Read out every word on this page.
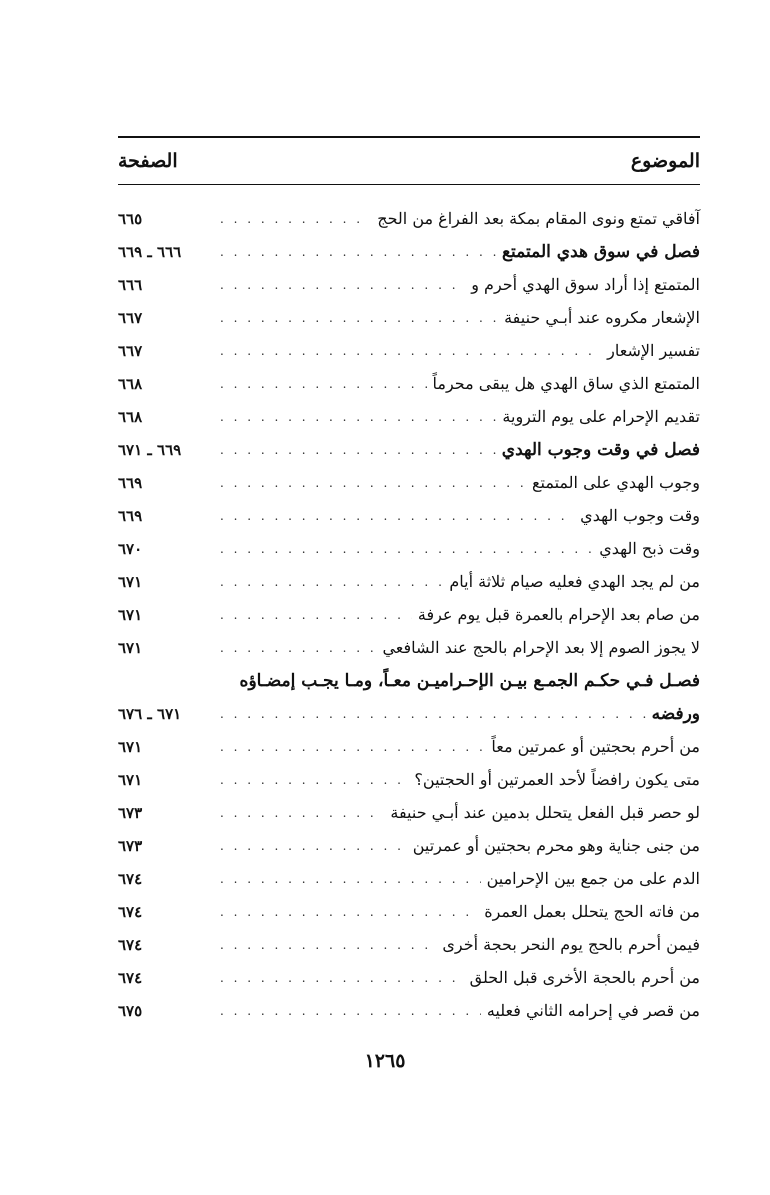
الموضوع
الصفحة
آفاقي تمتع ونوى المقام بمكة بعد الفراغ من الحج
. . .
٦٦٥
فصل في سوق هدي المتمتع
. . .
٦٦٦ ـ ٦٦٩
المتمتع إذا أراد سوق الهدي أحرم و
. . .
٦٦٦
الإشعار مكروه عند أبـي حنيفة
. . .
٦٦٧
تفسير الإشعار
. . .
٦٦٧
المتمتع الذي ساق الهدي هل يبقى محرماً
. . .
٦٦٨
تقديم الإحرام على يوم التروية
. . .
٦٦٨
فصل في وقت وجوب الهدي
. . .
٦٦٩ ـ ٦٧١
وجوب الهدي على المتمتع
. . .
٦٦٩
وقت وجوب الهدي
. . .
٦٦٩
وقت ذبح الهدي
. . .
٦٧٠
من لم يجد الهدي فعليه صيام ثلاثة أيام
. . .
٦٧١
من صام بعد الإحرام بالعمرة قبل يوم عرفة
. . .
٦٧١
لا يجوز الصوم إلا بعد الإحرام بالحج عند الشافعي
. . .
٦٧١
فصـل فـي حكـم الجمـع بيـن الإحـراميـن معـاً، ومـا يجـب إمضـاؤه
ورفضه
. . .
٦٧١ ـ ٦٧٦
من أحرم بحجتين أو عمرتين معاً
. . .
٦٧١
متى يكون رافضاً لأحد العمرتين أو الحجتين؟
. . .
٦٧١
لو حصر قبل الفعل يتحلل بدمين عند أبـي حنيفة
. . .
٦٧٣
من جنى جناية وهو محرم بحجتين أو عمرتين
. . .
٦٧٣
الدم على من جمع بين الإحرامين
. . .
٦٧٤
من فاته الحج يتحلل بعمل العمرة
. . .
٦٧٤
فيمن أحرم بالحج يوم النحر بحجة أخرى
. . .
٦٧٤
من أحرم بالحجة الأخرى قبل الحلق
. . .
٦٧٤
من قصر في إحرامه الثاني فعليه
. . .
٦٧٥
١٢٦٥
